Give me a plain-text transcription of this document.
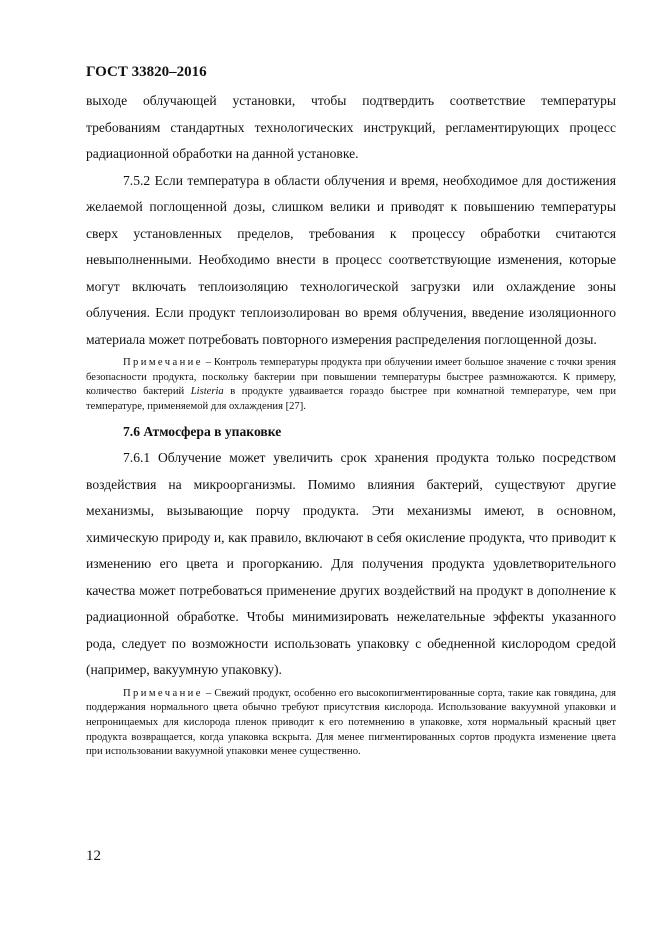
ГОСТ 33820–2016

выходе облучающей установки, чтобы подтвердить соответствие температуры требованиям стандартных технологических инструкций, регламентирующих процесс радиационной обработки на данной установке.

7.5.2 Если температура в области облучения и время, необходимое для достижения желаемой поглощенной дозы, слишком велики и приводят к повышению температуры сверх установленных пределов, требования к процессу обработки считаются невыполненными. Необходимо внести в процесс соответствующие изменения, которые могут включать теплоизоляцию технологической загрузки или охлаждение зоны облучения. Если продукт теплоизолирован во время облучения, введение изоляционного материала может потребовать повторного измерения распределения поглощенной дозы.

Примечание – Контроль температуры продукта при облучении имеет большое значение с точки зрения безопасности продукта, поскольку бактерии при повышении температуры быстрее размножаются. К примеру, количество бактерий Listeria в продукте удваивается гораздо быстрее при комнатной температуре, чем при температуре, применяемой для охлаждения [27].

7.6 Атмосфера в упаковке

7.6.1 Облучение может увеличить срок хранения продукта только посредством воздействия на микроорганизмы. Помимо влияния бактерий, существуют другие механизмы, вызывающие порчу продукта. Эти механизмы имеют, в основном, химическую природу и, как правило, включают в себя окисление продукта, что приводит к изменению его цвета и прогорканию. Для получения продукта удовлетворительного качества может потребоваться применение других воздействий на продукт в дополнение к радиационной обработке. Чтобы минимизировать нежелательные эффекты указанного рода, следует по возможности использовать упаковку с обедненной кислородом средой (например, вакуумную упаковку).

Примечание – Свежий продукт, особенно его высокопигментированные сорта, такие как говядина, для поддержания нормального цвета обычно требуют присутствия кислорода. Использование вакуумной упаковки и непроницаемых для кислорода пленок приводит к его потемнению в упаковке, хотя нормальный красный цвет продукта возвращается, когда упаковка вскрыта. Для менее пигментированных сортов продукта изменение цвета при использовании вакуумной упаковки менее существенно.

12
